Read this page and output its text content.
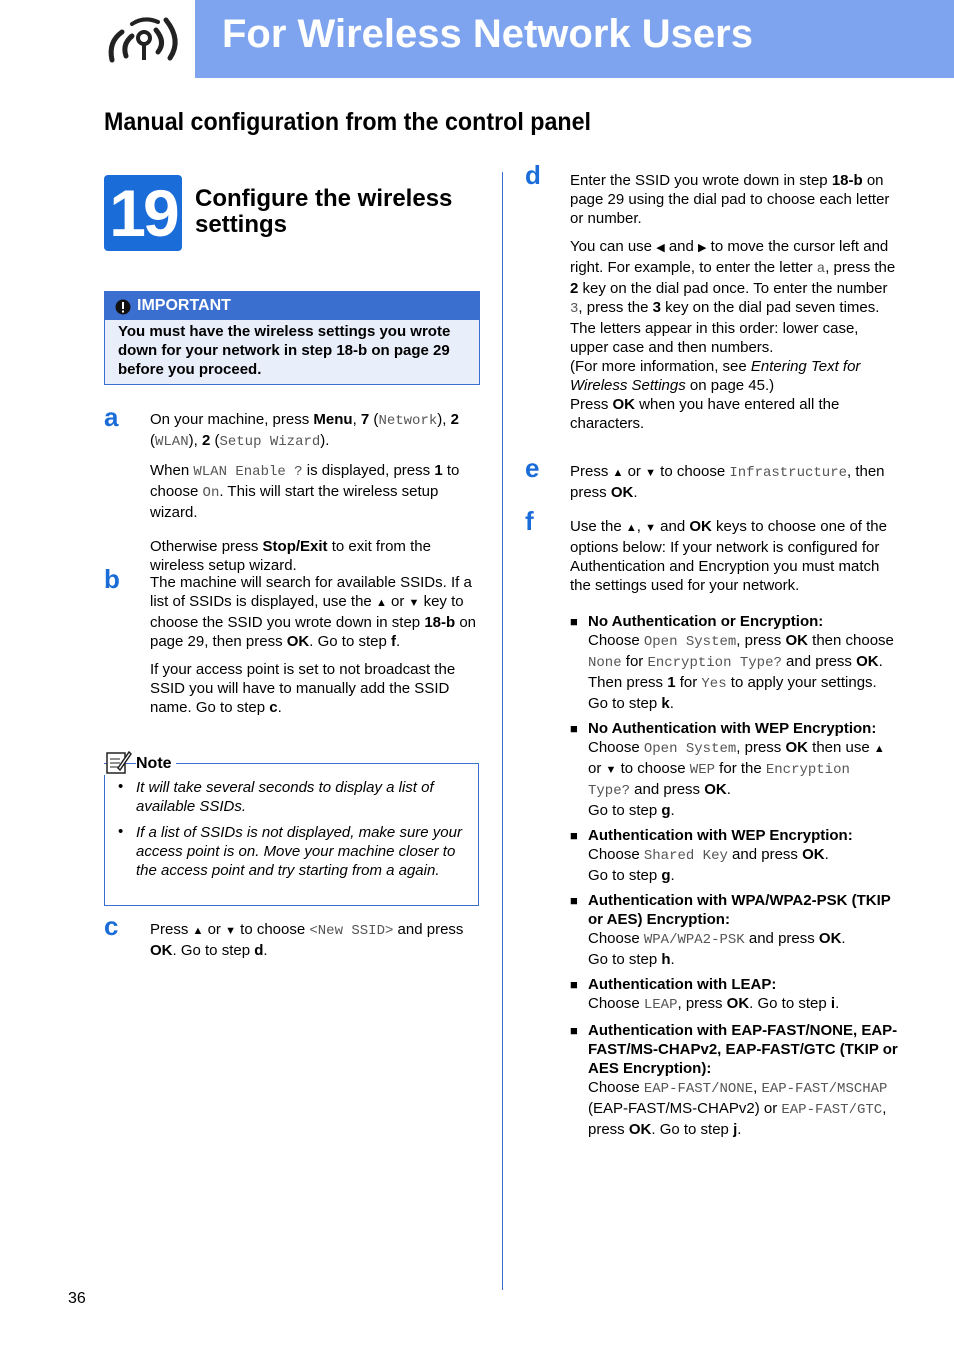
For Wireless Network Users
Manual configuration from the control panel
19 Configure the wireless settings
IMPORTANT
You must have the wireless settings you wrote down for your network in step 18-b on page 29 before you proceed.
a On your machine, press Menu, 7 (Network), 2 (WLAN), 2 (Setup Wizard).

When WLAN Enable ? is displayed, press 1 to choose On. This will start the wireless setup wizard.

Otherwise press Stop/Exit to exit from the wireless setup wizard.

b The machine will search for available SSIDs. If a list of SSIDs is displayed, use the ▲ or ▼ key to choose the SSID you wrote down in step 18-b on page 29, then press OK. Go to step f.

If your access point is set to not broadcast the SSID you will have to manually add the SSID name. Go to step c.

Note
• It will take several seconds to display a list of available SSIDs.
• If a list of SSIDs is not displayed, make sure your access point is on. Move your machine closer to the access point and try starting from a again.
c Press ▲ or ▼ to choose <New SSID> and press OK. Go to step d.

d Enter the SSID you wrote down in step 18-b on page 29 using the dial pad to choose each letter or number.

You can use ◀ and ▶ to move the cursor left and right. For example, to enter the letter a, press the 2 key on the dial pad once. To enter the number 3, press the 3 key on the dial pad seven times.

The letters appear in this order: lower case, upper case and then numbers.

(For more information, see Entering Text for Wireless Settings on page 45.)

Press OK when you have entered all the characters.

e Press ▲ or ▼ to choose Infrastructure, then press OK.

f Use the ▲, ▼ and OK keys to choose one of the options below: If your network is configured for Authentication and Encryption you must match the settings used for your network.

■ No Authentication or Encryption:

Choose Open System, press OK then choose None for Encryption Type? and press OK. Then press 1 for Yes to apply your settings. Go to step k.

■ No Authentication with WEP Encryption:

Choose Open System, press OK then use ▲ or ▼ to choose WEP for the Encryption Type? and press OK.

Go to step g.

■ Authentication with WEP Encryption:

Choose Shared Key and press OK.

Go to step g.

■ Authentication with WPA/WPA2-PSK (TKIP or AES) Encryption:

Choose WPA/WPA2-PSK and press OK.

Go to step h.

■ Authentication with LEAP:

Choose LEAP, press OK. Go to step i.

■ Authentication with EAP-FAST/NONE, EAP-FAST/MS-CHAPv2, EAP-FAST/GTC (TKIP or AES Encryption):

Choose EAP-FAST/NONE, EAP-FAST/MSCHAP (EAP-FAST/MS-CHAPv2) or EAP-FAST/GTC, press OK. Go to step j.

36
